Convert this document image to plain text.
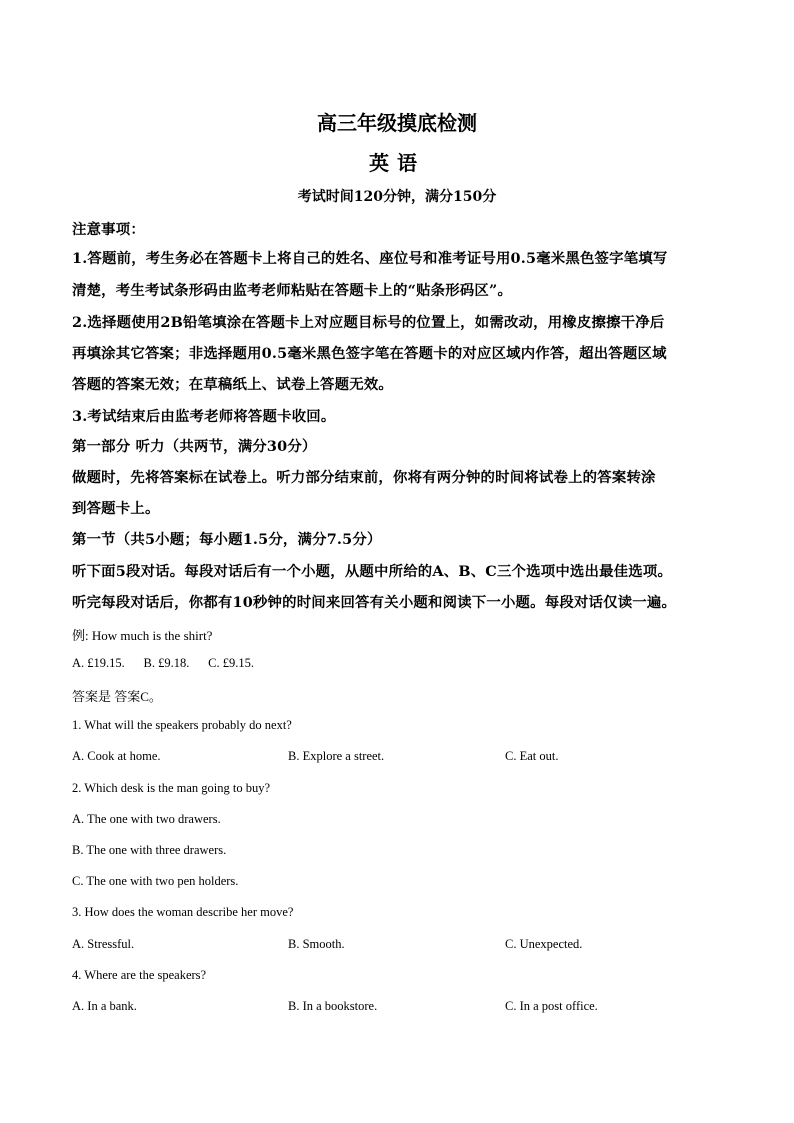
高三年级摸底检测
英语
考试时间120分钟，满分150分
注意事项：
1.答题前，考生务必在答题卡上将自己的姓名、座位号和准考证号用0.5毫米黑色签字笔填写
清楚，考生考试条形码由监考老师粘贴在答题卡上的“贴条形码区”。
2.选择题使用2B铅笔填涂在答题卡上对应题目标号的位置上，如需改动，用橡皮擦擦干净后
再填涂其它答案；非选择题用0.5毫米黑色签字笔在答题卡的对应区域内作答，超出答题区域
答题的答案无效；在草稿纸上、试卷上答题无效。
3.考试结束后由监考老师将答题卡收回。
第一部分 听力（共两节，满分30分）
做题时，先将答案标在试卷上。听力部分结束前，你将有两分钟的时间将试卷上的答案转涂
到答题卡上。
第一节（共5小题；每小题1.5分，满分7.5分）
听下面5段对话。每段对话后有一个小题，从题中所给的A、B、C三个选项中选出最佳选项。
听完每段对话后，你都有10秒钟的时间来回答有关小题和阅读下一小题。每段对话仅读一遍。
例: How much is the shirt?
A. £19.15.      B. £9.18.      C. £9.15.
答案是 答案C。
1. What will the speakers probably do next?
A. Cook at home.	B. Explore a street.	C. Eat out.
2. Which desk is the man going to buy?
A. The one with two drawers.
B. The one with three drawers.
C. The one with two pen holders.
3. How does the woman describe her move?
A. Stressful.	B. Smooth.	C. Unexpected.
4. Where are the speakers?
A. In a bank.	B. In a bookstore.	C. In a post office.
